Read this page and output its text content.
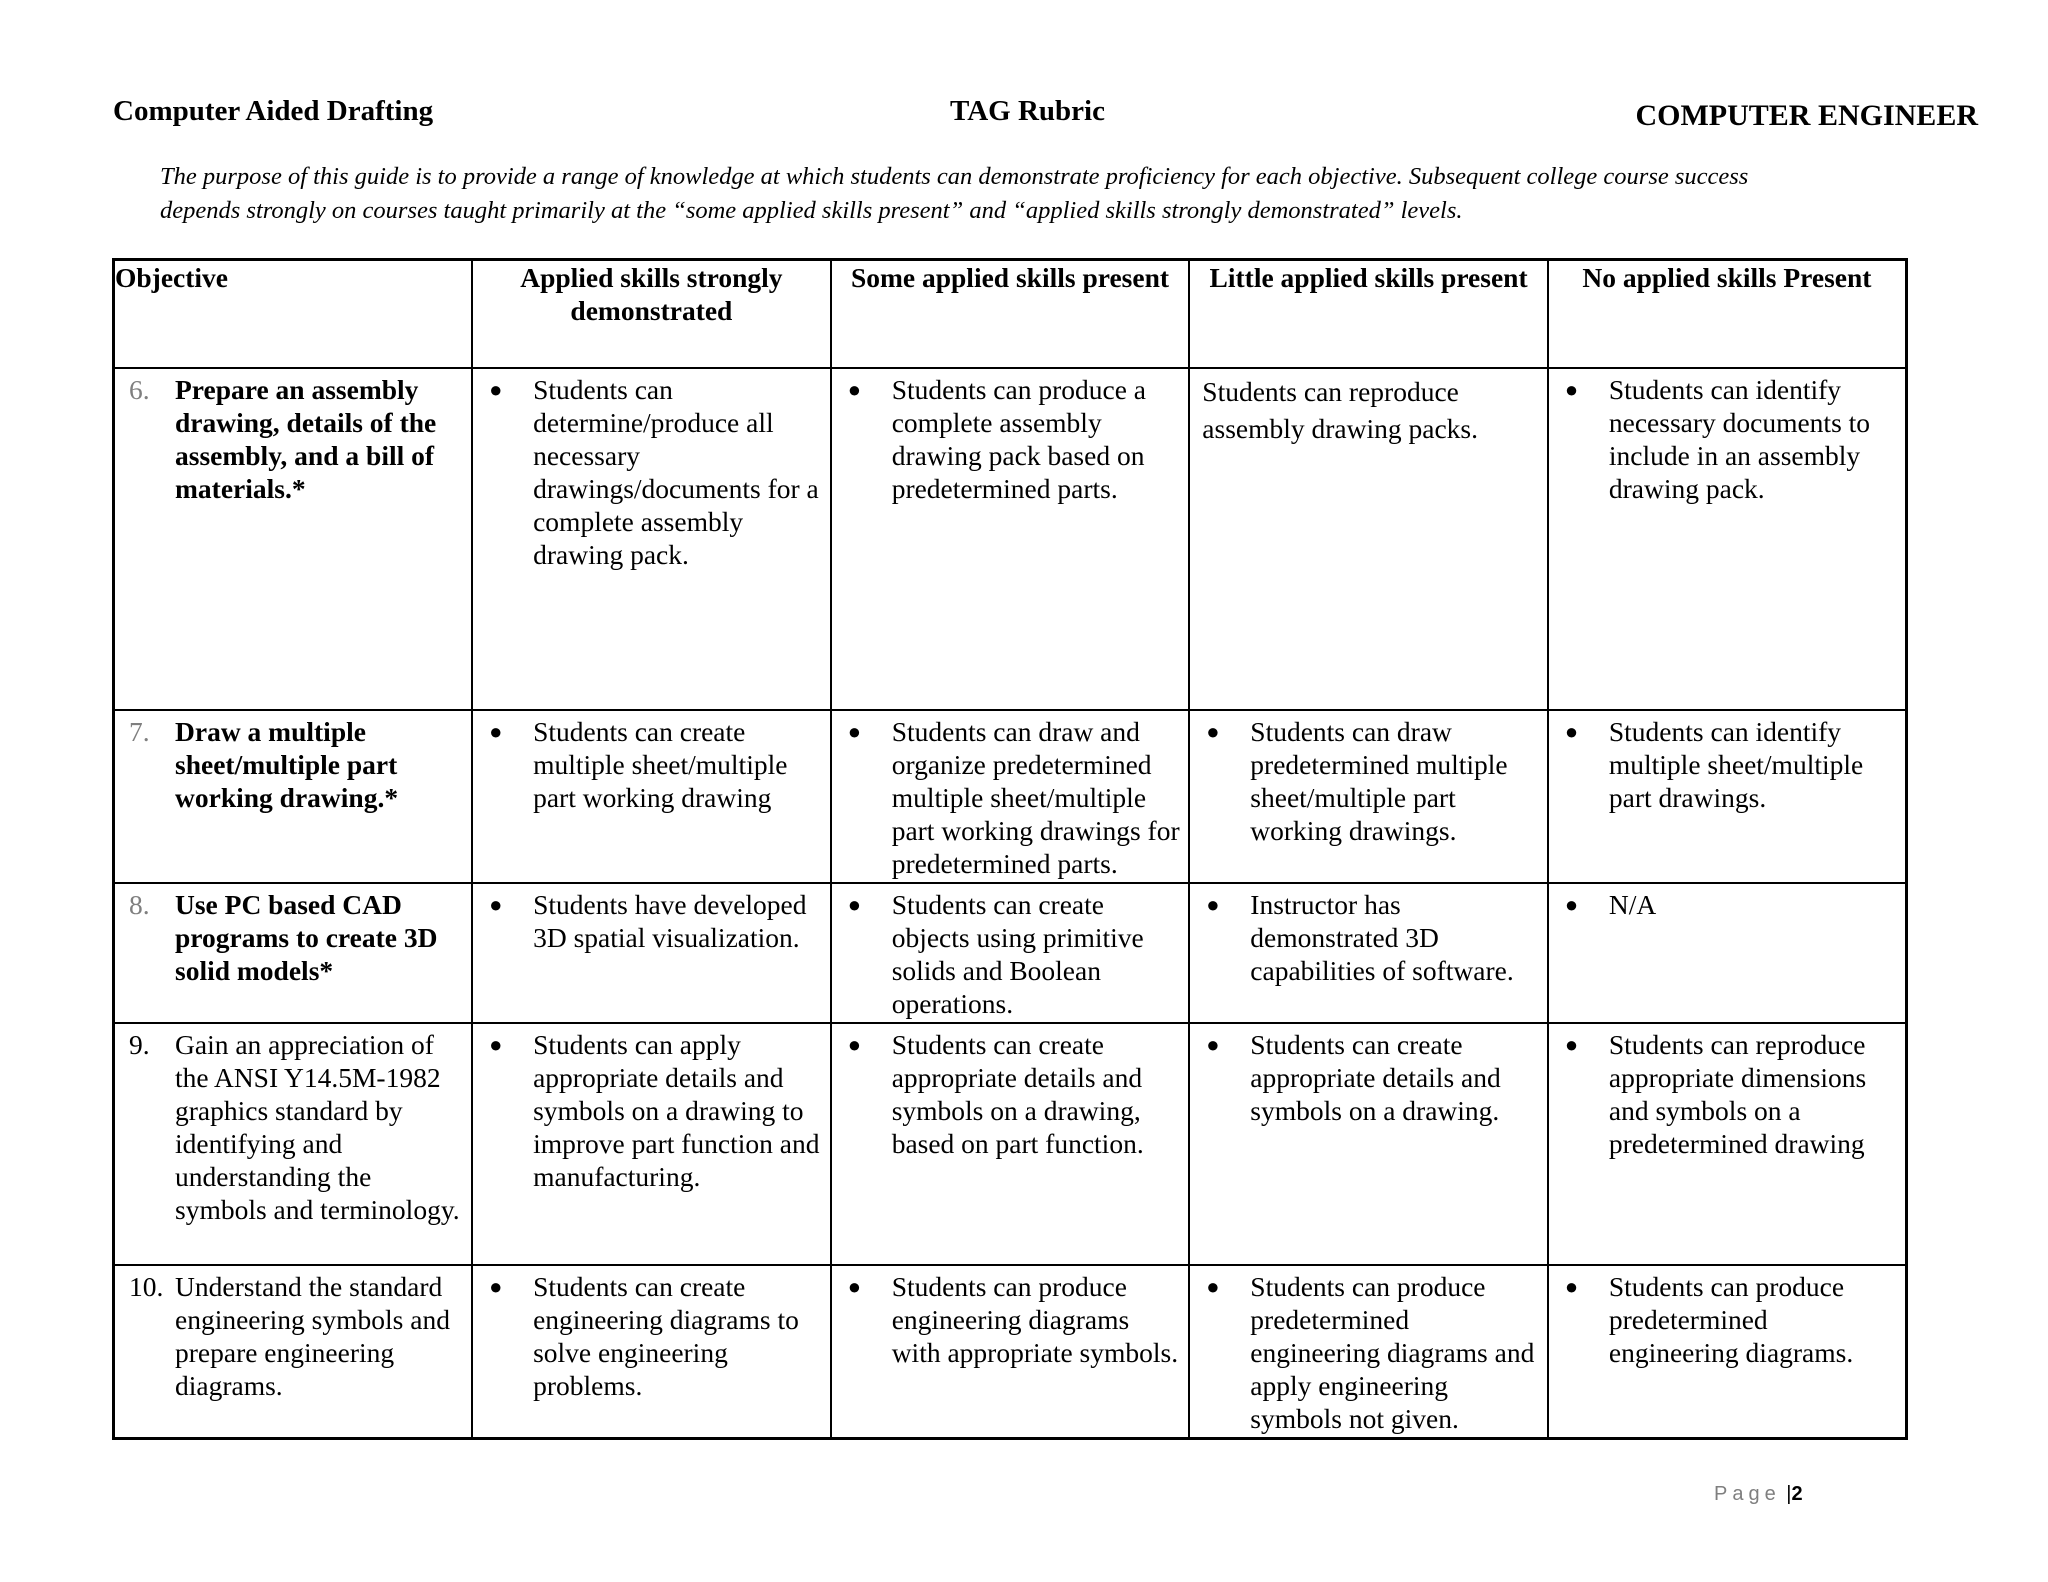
Computer Aided Drafting	TAG Rubric	COMPUTER ENGINEER

The purpose of this guide is to provide a range of knowledge at which students can demonstrate proficiency for each objective. Subsequent college course success

depends strongly on courses taught primarily at the “some applied skills present” and “applied skills strongly demonstrated” levels.

Objective	Applied skills strongly demonstrated	Some applied skills present	Little applied skills present	No applied skills Present

6. Prepare an assembly drawing, details of the assembly, and a bill of materials.*	● Students can determine/produce all necessary drawings/documents for a complete assembly drawing pack.	● Students can produce a complete assembly drawing pack based on predetermined parts.	Students can reproduce assembly drawing packs.	● Students can identify necessary documents to include in an assembly drawing pack.

7. Draw a multiple sheet/multiple part working drawing.*	● Students can create multiple sheet/multiple part working drawing	● Students can draw and organize predetermined multiple sheet/multiple part working drawings for predetermined parts.	● Students can draw predetermined multiple sheet/multiple part working drawings.	● Students can identify multiple sheet/multiple part drawings.

8. Use PC based CAD programs to create 3D solid models*	● Students have developed 3D spatial visualization.	● Students can create objects using primitive solids and Boolean operations.	● Instructor has demonstrated 3D capabilities of software.	● N/A

9. Gain an appreciation of the ANSI Y14.5M-1982 graphics standard by identifying and understanding the symbols and terminology.	● Students can apply appropriate details and symbols on a drawing to improve part function and manufacturing.	● Students can create appropriate details and symbols on a drawing, based on part function.	● Students can create appropriate details and symbols on a drawing.	● Students can reproduce appropriate dimensions and symbols on a predetermined drawing

10. Understand the standard engineering symbols and prepare engineering diagrams.	● Students can create engineering diagrams to solve engineering problems.	● Students can produce engineering diagrams with appropriate symbols.	● Students can produce predetermined engineering diagrams and apply engineering symbols not given.	● Students can produce predetermined engineering diagrams.
Page |2
